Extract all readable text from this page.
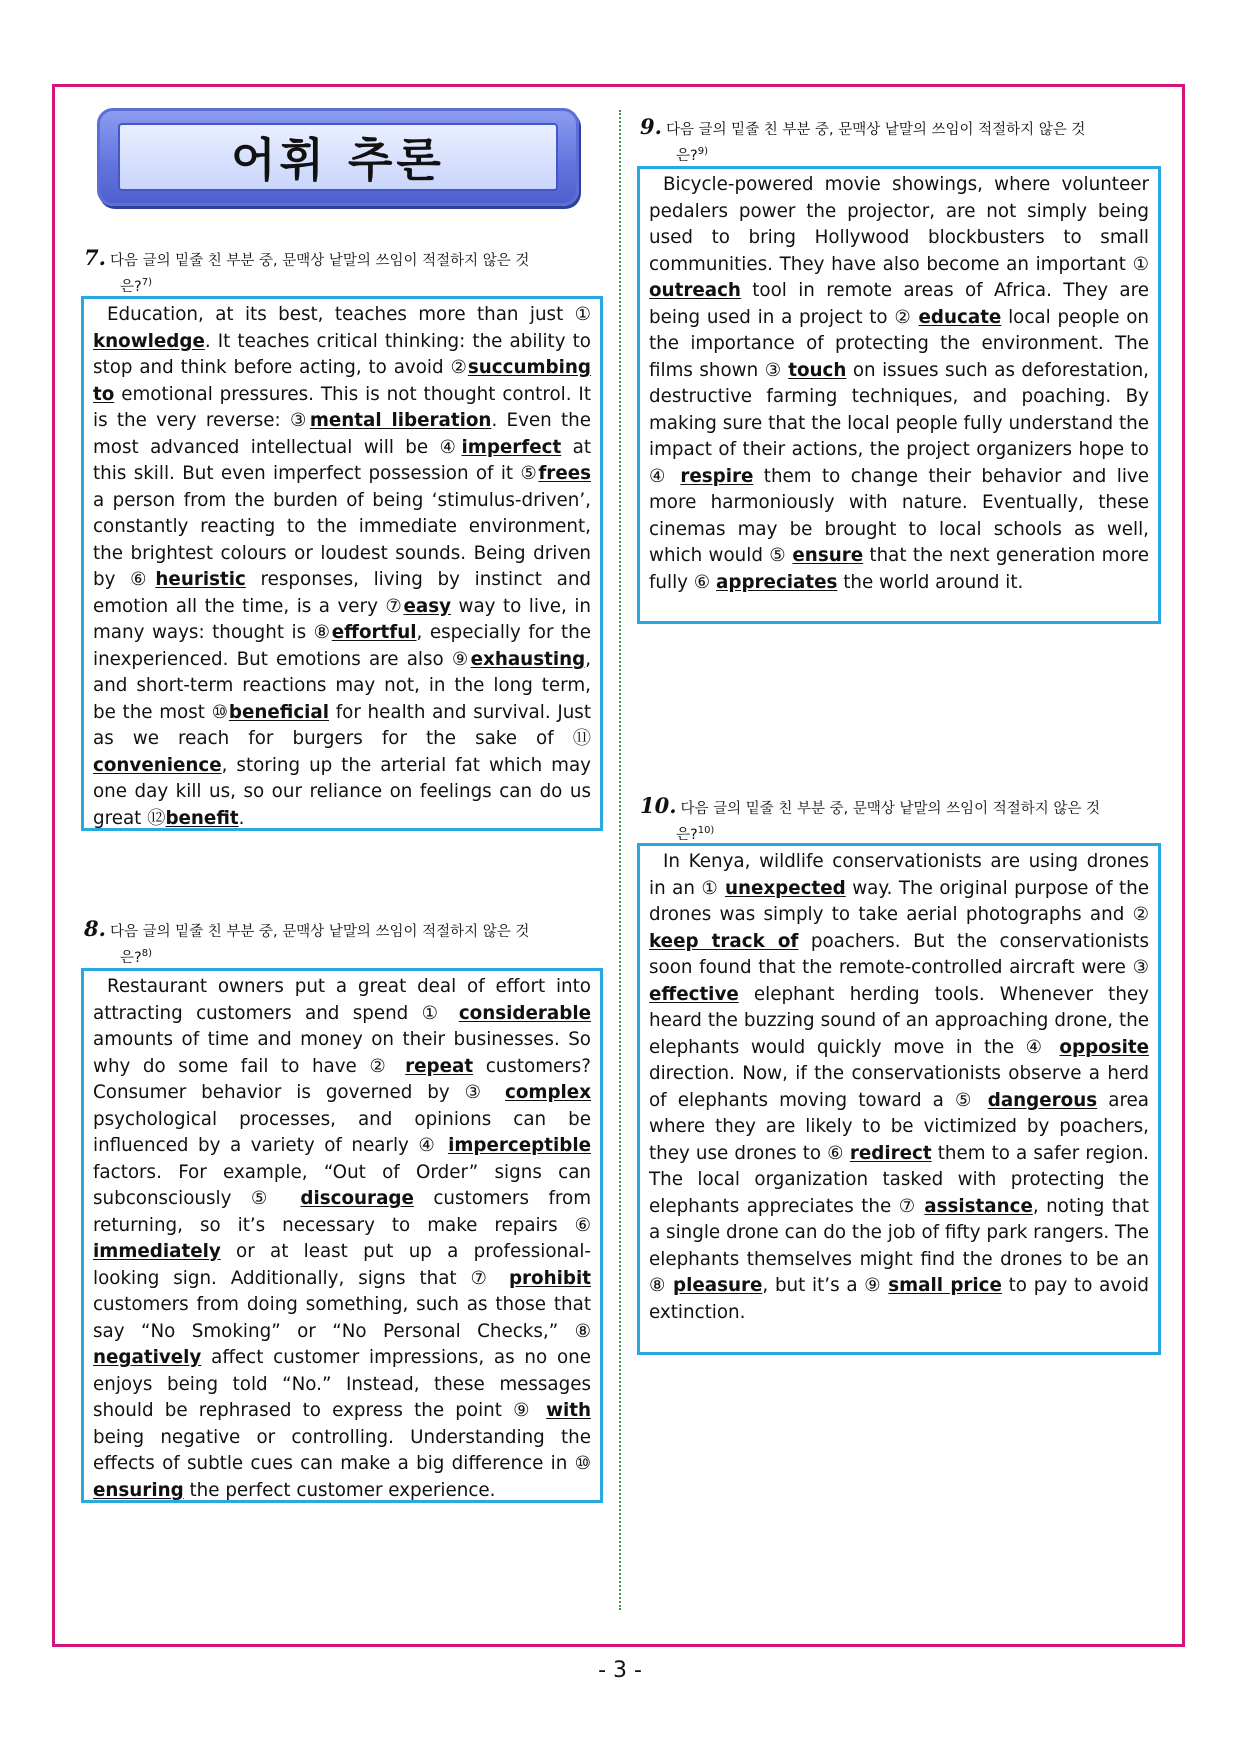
어휘 추론
7. 다음 글의 밑줄 친 부분 중, 문맥상 낱말의 쓰임이 적절하지 않은 것
은?$^{7)}$
Education, at its best, teaches more than just ① knowledge. It teaches critical thinking: the ability to stop and think before acting, to avoid ②succumbing to emotional pressures. This is not thought control. It is the very reverse: ③mental liberation. Even the most advanced intellectual will be ④imperfect at this skill. But even imperfect possession of it ⑤frees a person from the burden of being ‘stimulus-driven’, constantly reacting to the immediate environment, the brightest colours or loudest sounds. Being driven by ⑥heuristic responses, living by instinct and emotion all the time, is a very ⑦easy way to live, in many ways: thought is ⑧effortful, especially for the inexperienced. But emotions are also ⑨exhausting, and short-term reactions may not, in the long term, be the most ⑩beneficial for health and survival. Just as we reach for burgers for the sake of ⑪ convenience, storing up the arterial fat which may one day kill us, so our reliance on feelings can do us great ⑫benefit.
8. 다음 글의 밑줄 친 부분 중, 문맥상 낱말의 쓰임이 적절하지 않은 것
은?$^{8)}$
Restaurant owners put a great deal of effort into attracting customers and spend ① considerable amounts of time and money on their businesses. So why do some fail to have ② repeat customers? Consumer behavior is governed by ③ complex psychological processes, and opinions can be influenced by a variety of nearly ④ imperceptible factors. For example, “Out of Order” signs can subconsciously ⑤ discourage customers from returning, so it’s necessary to make repairs ⑥ immediately or at least put up a professional-looking sign. Additionally, signs that ⑦ prohibit customers from doing something, such as those that say “No Smoking” or “No Personal Checks,” ⑧ negatively affect customer impressions, as no one enjoys being told “No.” Instead, these messages should be rephrased to express the point ⑨ with being negative or controlling. Understanding the effects of subtle cues can make a big difference in ⑩ ensuring the perfect customer experience.
9. 다음 글의 밑줄 친 부분 중, 문맥상 낱말의 쓰임이 적절하지 않은 것
은?$^{9)}$
Bicycle-powered movie showings, where volunteer pedalers power the projector, are not simply being used to bring Hollywood blockbusters to small communities. They have also become an important ① outreach tool in remote areas of Africa. They are being used in a project to ② educate local people on the importance of protecting the environment. The films shown ③ touch on issues such as deforestation, destructive farming techniques, and poaching. By making sure that the local people fully understand the impact of their actions, the project organizers hope to ④ respire them to change their behavior and live more harmoniously with nature. Eventually, these cinemas may be brought to local schools as well, which would ⑤ ensure that the next generation more fully ⑥ appreciates the world around it.
10. 다음 글의 밑줄 친 부분 중, 문맥상 낱말의 쓰임이 적절하지 않은 것
은?$^{10)}$
In Kenya, wildlife conservationists are using drones in an ① unexpected way. The original purpose of the drones was simply to take aerial photographs and ② keep track of poachers. But the conservationists soon found that the remote-controlled aircraft were ③ effective elephant herding tools. Whenever they heard the buzzing sound of an approaching drone, the elephants would quickly move in the ④ opposite direction. Now, if the conservationists observe a herd of elephants moving toward a ⑤ dangerous area where they are likely to be victimized by poachers, they use drones to ⑥ redirect them to a safer region. The local organization tasked with protecting the elephants appreciates the ⑦ assistance, noting that a single drone can do the job of fifty park rangers. The elephants themselves might find the drones to be an ⑧ pleasure, but it’s a ⑨ small price to pay to avoid extinction.
- 3 -
